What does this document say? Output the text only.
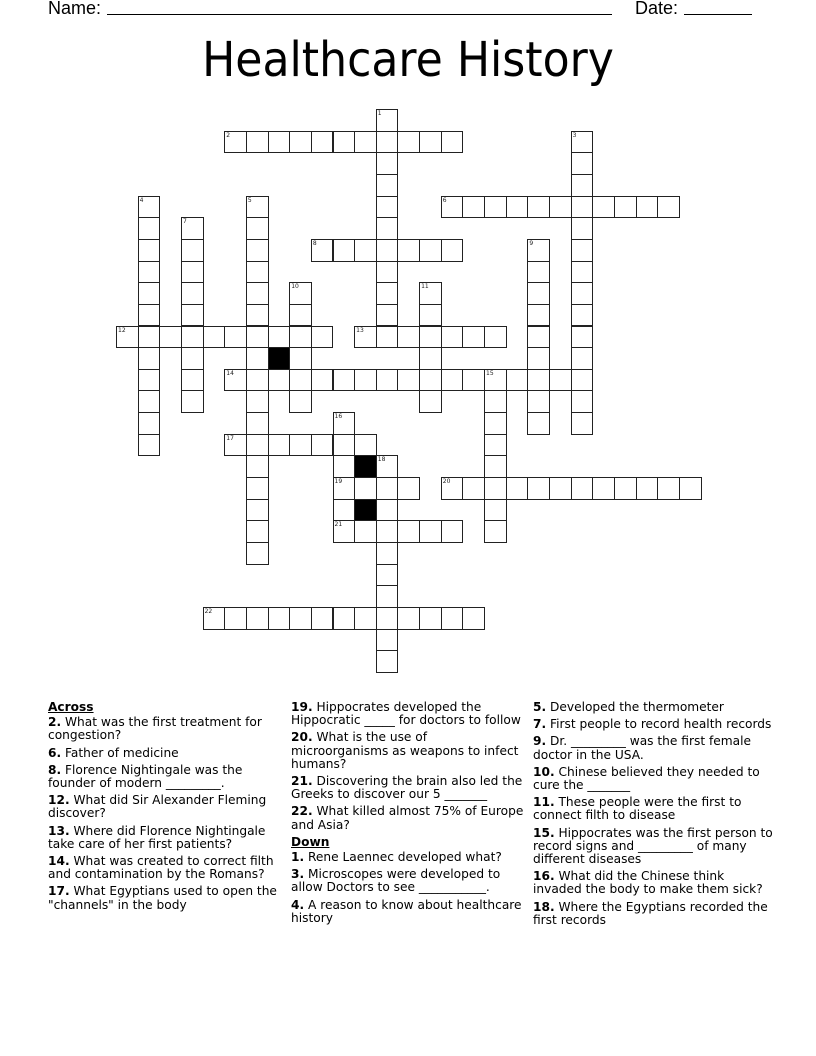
Name:	Date:
Healthcare History
1
2	3
4	5	6
7
8	9
10	11
12	13
14	15
16
19
21
17
18
20
22
Across
2. What was the first treatment for congestion?
6. Father of medicine
8. Florence Nightingale was the founder of modern _________.
12. What did Sir Alexander Fleming discover?
13. Where did Florence Nightingale take care of her first patients?
14. What was created to correct filth and contamination by the Romans?
17. What Egyptians used to open the "channels" in the body
19. Hippocrates developed the Hippocratic _____ for doctors to follow
20. What is the use of microorganisms as weapons to infect humans?
21. Discovering the brain also led the Greeks to discover our 5 _______
22. What killed almost 75% of Europe and Asia?
Down
1. Rene Laennec developed what?
3. Microscopes were developed to allow Doctors to see ___________.
4. A reason to know about healthcare history
5. Developed the thermometer
7. First people to record health records
9. Dr. _________ was the first female doctor in the USA.
10. Chinese believed they needed to cure the _______
11. These people were the first to connect filth to disease
15. Hippocrates was the first person to record signs and _________ of many different diseases
16. What did the Chinese think invaded the body to make them sick?
18. Where the Egyptians recorded the first records
